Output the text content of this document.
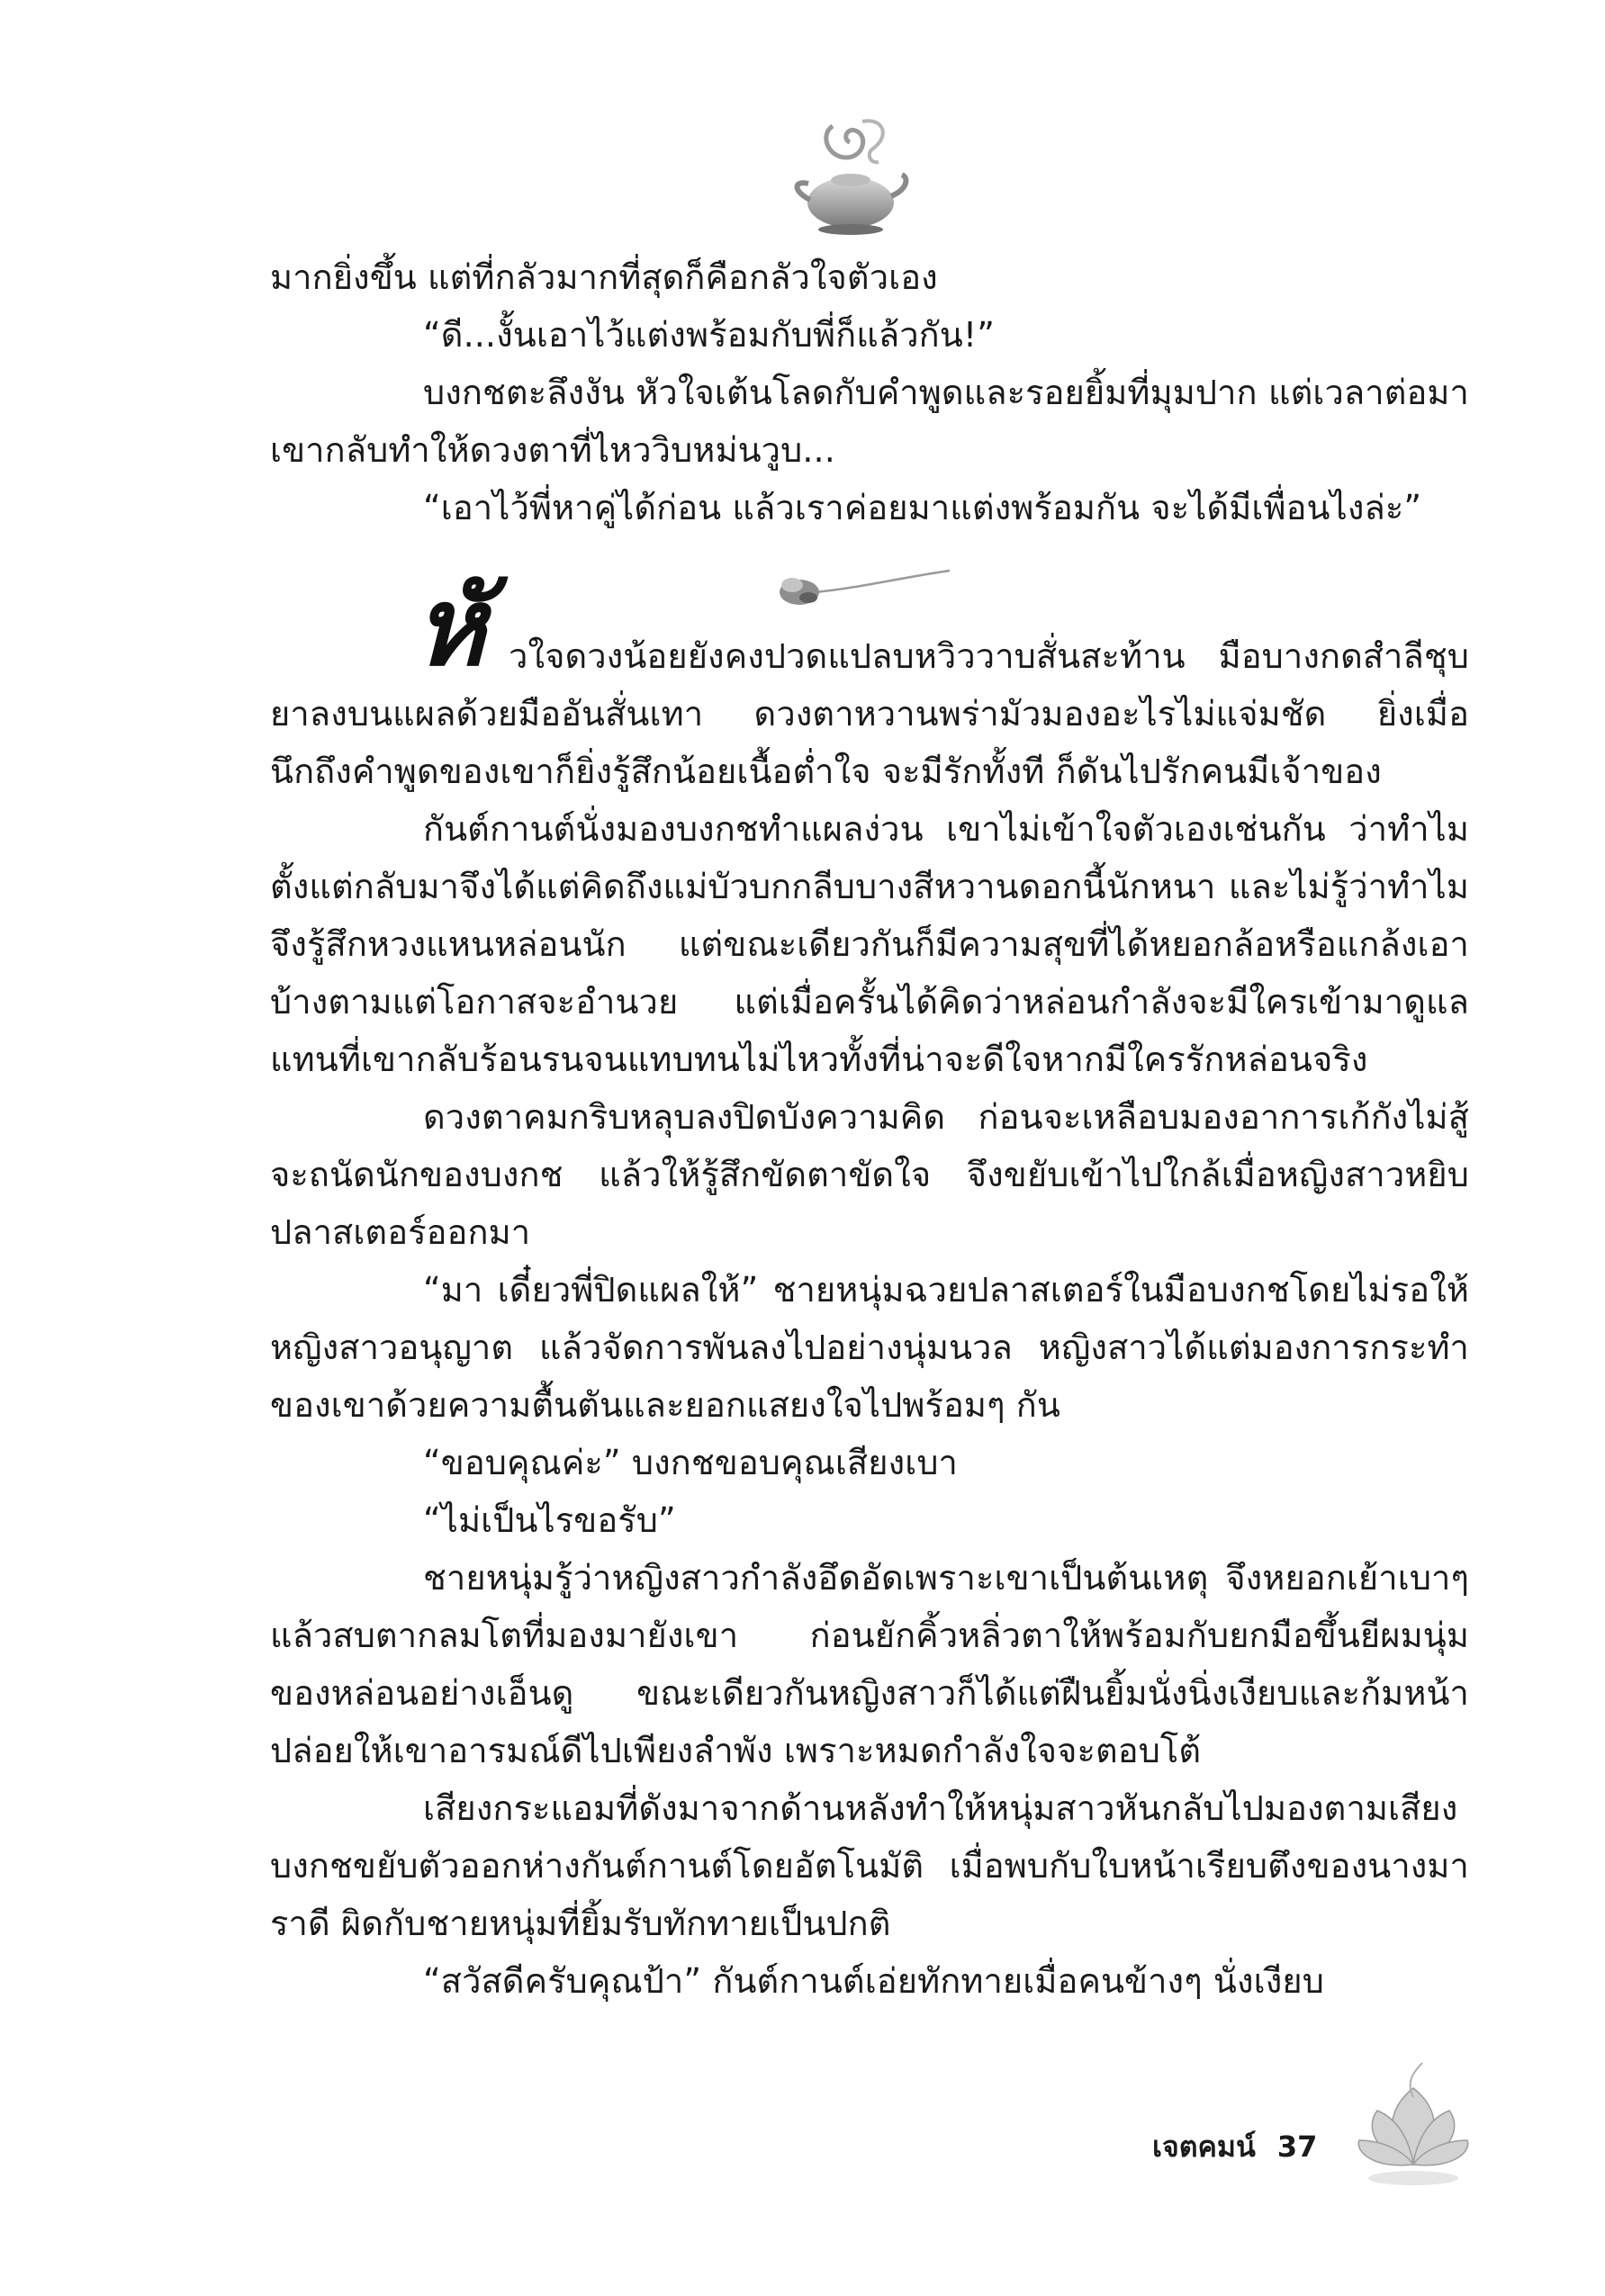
มากยิ่งขึ้น แต่ที่กลัวมากที่สุดก็คือกลัวใจตัวเอง

“ดี...งั้นเอาไว้แต่งพร้อมกับพี่ก็แล้วกัน!”

บงกชตะลึงงัน หัวใจเต้นโลดกับคำพูดและรอยยิ้มที่มุมปาก แต่เวลาต่อมาเขากลับทำให้ดวงตาที่ไหววิบหม่นวูบ...

“เอาไว้พี่หาคู่ได้ก่อน แล้วเราค่อยมาแต่งพร้อมกัน จะได้มีเพื่อนไงล่ะ”

หั วใจดวงน้อยยังคงปวดแปลบหวิววาบสั่นสะท้าน มือบางกดสำลีชุบยาลงบนแผลด้วยมืออันสั่นเทา ดวงตาหวานพร่ามัวมองอะไรไม่แจ่มชัด ยิ่งเมื่อนึกถึงคำพูดของเขาก็ยิ่งรู้สึกน้อยเนื้อต่ำใจ จะมีรักทั้งที ก็ดันไปรักคนมีเจ้าของ

กันต์กานต์นั่งมองบงกชทำแผลง่วน เขาไม่เข้าใจตัวเองเช่นกัน ว่าทำไมตั้งแต่กลับมาจึงได้แต่คิดถึงแม่บัวบกกลีบบางสีหวานดอกนี้นักหนา และไม่รู้ว่าทำไมจึงรู้สึกหวงแหนหล่อนนัก แต่ขณะเดียวกันก็มีความสุขที่ได้หยอกล้อหรือแกล้งเอาบ้างตามแต่โอกาสจะอำนวย แต่เมื่อครั้นได้คิดว่าหล่อนกำลังจะมีใครเข้ามาดูแลแทนที่เขากลับร้อนรนจนแทบทนไม่ไหวทั้งที่น่าจะดีใจหากมีใครรักหล่อนจริง

ดวงตาคมกริบหลุบลงปิดบังความคิด ก่อนจะเหลือบมองอาการเก้กังไม่สู้จะถนัดนักของบงกช แล้วให้รู้สึกขัดตาขัดใจ จึงขยับเข้าไปใกล้เมื่อหญิงสาวหยิบปลาสเตอร์ออกมา

“มา เดี๋ยวพี่ปิดแผลให้” ชายหนุ่มฉวยปลาสเตอร์ในมือบงกชโดยไม่รอให้หญิงสาวอนุญาต แล้วจัดการพันลงไปอย่างนุ่มนวล หญิงสาวได้แต่มองการกระทำของเขาด้วยความตื้นตันและยอกแสยงใจไปพร้อมๆ กัน

“ขอบคุณค่ะ” บงกชขอบคุณเสียงเบา

“ไม่เป็นไรขอรับ”

ชายหนุ่มรู้ว่าหญิงสาวกำลังอึดอัดเพราะเขาเป็นต้นเหตุ จึงหยอกเย้าเบาๆ แล้วสบตากลมโตที่มองมายังเขา ก่อนยักคิ้วหลิ่วตาให้พร้อมกับยกมือขึ้นยีผมนุ่มของหล่อนอย่างเอ็นดู ขณะเดียวกันหญิงสาวก็ได้แต่ฝืนยิ้มนั่งนิ่งเงียบและก้มหน้าปล่อยให้เขาอารมณ์ดีไปเพียงลำพัง เพราะหมดกำลังใจจะตอบโต้

เสียงกระแอมที่ดังมาจากด้านหลังทำให้หนุ่มสาวหันกลับไปมองตามเสียง บงกชขยับตัวออกห่างกันต์กานต์โดยอัตโนมัติ เมื่อพบกับใบหน้าเรียบตึงของนางมาราดี ผิดกับชายหนุ่มที่ยิ้มรับทักทายเป็นปกติ

“สวัสดีครับคุณป้า” กันต์กานต์เอ่ยทักทายเมื่อคนข้างๆ นั่งเงียบ

เจตคมน์ 37
